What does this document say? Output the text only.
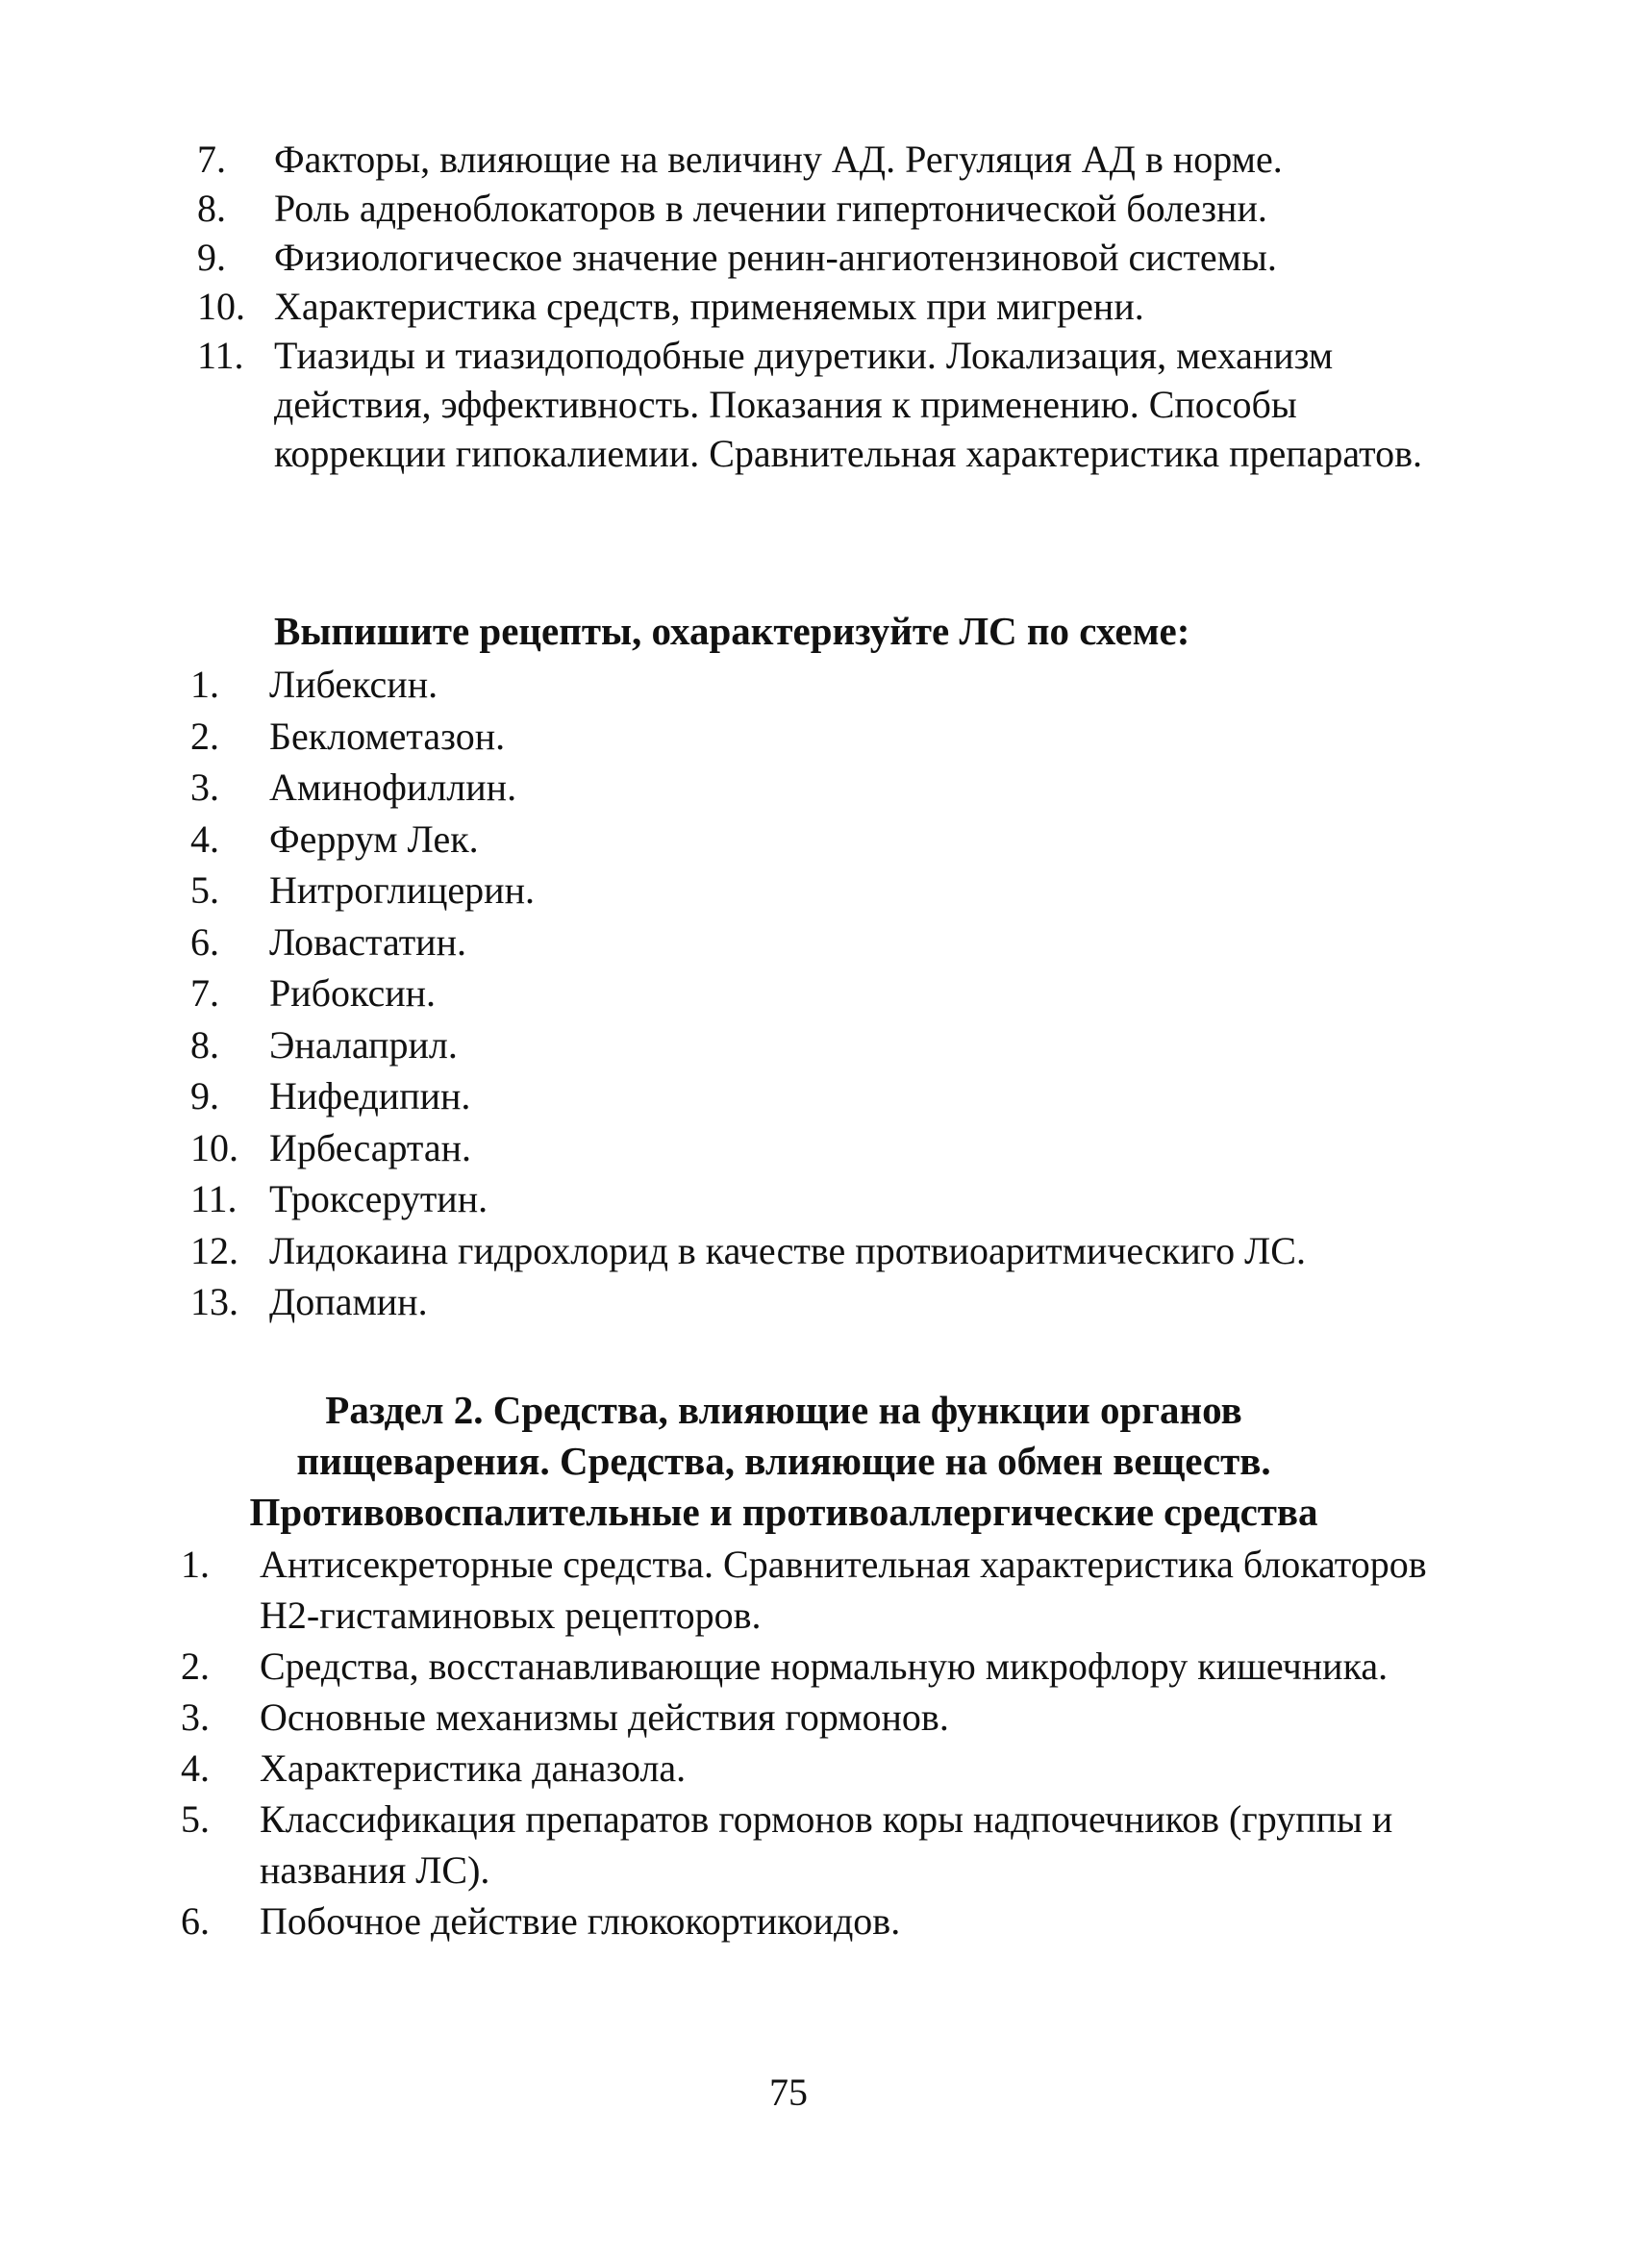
7. Факторы, влияющие на величину АД. Регуляция АД в норме.
8. Роль адреноблокаторов в лечении гипертонической болезни.
9. Физиологическое значение ренин-ангиотензиновой системы.
10. Характеристика средств, применяемых при мигрени.
11. Тиазиды и тиазидоподобные диуретики. Локализация, механизм действия, эффективность. Показания к применению. Способы коррекции гипокалиемии. Сравнительная характеристика препаратов.
Выпишите рецепты, охарактеризуйте ЛС по схеме:
1. Либексин.
2. Беклометазон.
3. Аминофиллин.
4. Феррум Лек.
5. Нитроглицерин.
6. Ловастатин.
7. Рибоксин.
8. Эналаприл.
9. Нифедипин.
10. Ирбесартан.
11. Троксерутин.
12. Лидокаина гидрохлорид в качестве протвиоаритмическиго ЛС.
13. Допамин.
Раздел 2. Средства, влияющие на функции органов
пищеварения. Средства, влияющие на обмен веществ.
Противовоспалительные и противоаллергические средства
1. Антисекреторные средства. Сравнительная характеристика блокаторов Н2-гистаминовых рецепторов.
2. Средства, восстанавливающие нормальную микрофлору кишечника.
3. Основные механизмы действия гормонов.
4. Характеристика даназола.
5. Классификация препаратов гормонов коры надпочечников (группы и названия ЛС).
6. Побочное действие глюкокортикоидов.
75
